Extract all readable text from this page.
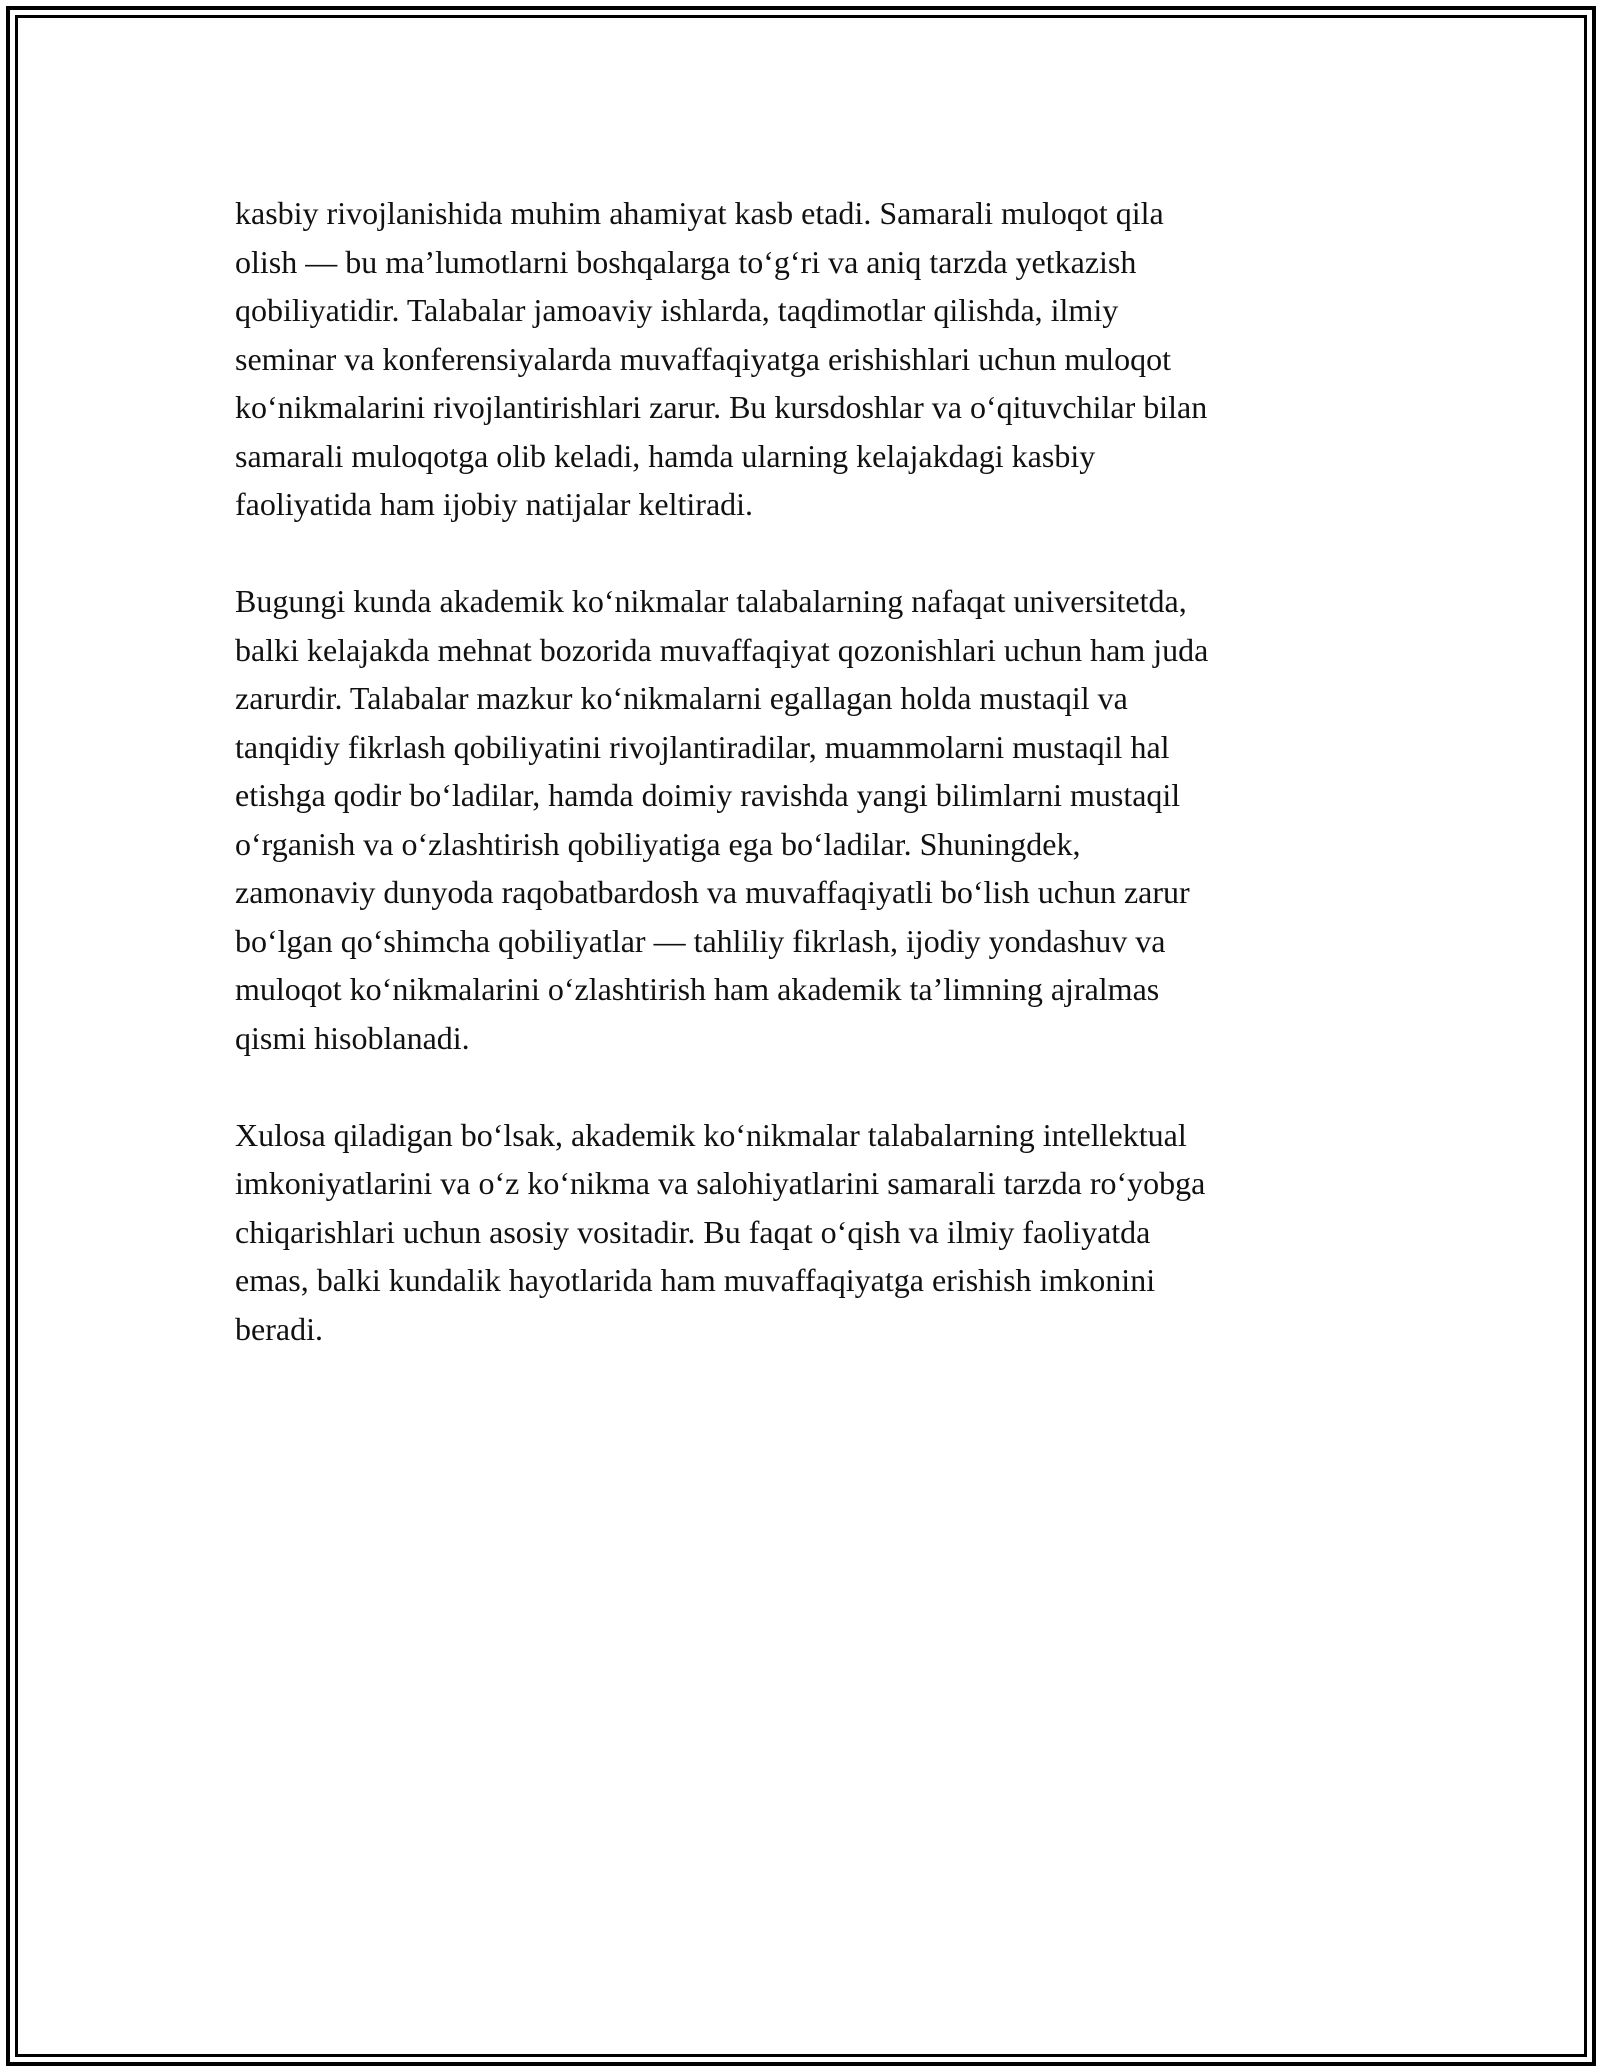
kasbiy rivojlanishida muhim ahamiyat kasb etadi. Samarali muloqot qila
olish — bu ma’lumotlarni boshqalarga to‘g‘ri va aniq tarzda yetkazish
qobiliyatidir. Talabalar jamoaviy ishlarda, taqdimotlar qilishda, ilmiy
seminar va konferensiyalarda muvaffaqiyatga erishishlari uchun muloqot
ko‘nikmalarini rivojlantirishlari zarur. Bu kursdoshlar va o‘qituvchilar bilan
samarali muloqotga olib keladi, hamda ularning kelajakdagi kasbiy
faoliyatida ham ijobiy natijalar keltiradi.

Bugungi kunda akademik ko‘nikmalar talabalarning nafaqat universitetda,
balki kelajakda mehnat bozorida muvaffaqiyat qozonishlari uchun ham juda
zarurdir. Talabalar mazkur ko‘nikmalarni egallagan holda mustaqil va
tanqidiy fikrlash qobiliyatini rivojlantiradilar, muammolarni mustaqil hal
etishga qodir bo‘ladilar, hamda doimiy ravishda yangi bilimlarni mustaqil
o‘rganish va o‘zlashtirish qobiliyatiga ega bo‘ladilar. Shuningdek,
zamonaviy dunyoda raqobatbardosh va muvaffaqiyatli bo‘lish uchun zarur
bo‘lgan qo‘shimcha qobiliyatlar — tahliliy fikrlash, ijodiy yondashuv va
muloqot ko‘nikmalarini o‘zlashtirish ham akademik ta’limning ajralmas
qismi hisoblanadi.

Xulosa qiladigan bo‘lsak, akademik ko‘nikmalar talabalarning intellektual
imkoniyatlarini va o‘z ko‘nikma va salohiyatlarini samarali tarzda ro‘yobga
chiqarishlari uchun asosiy vositadir. Bu faqat o‘qish va ilmiy faoliyatda
emas, balki kundalik hayotlarida ham muvaffaqiyatga erishish imkonini
beradi.
